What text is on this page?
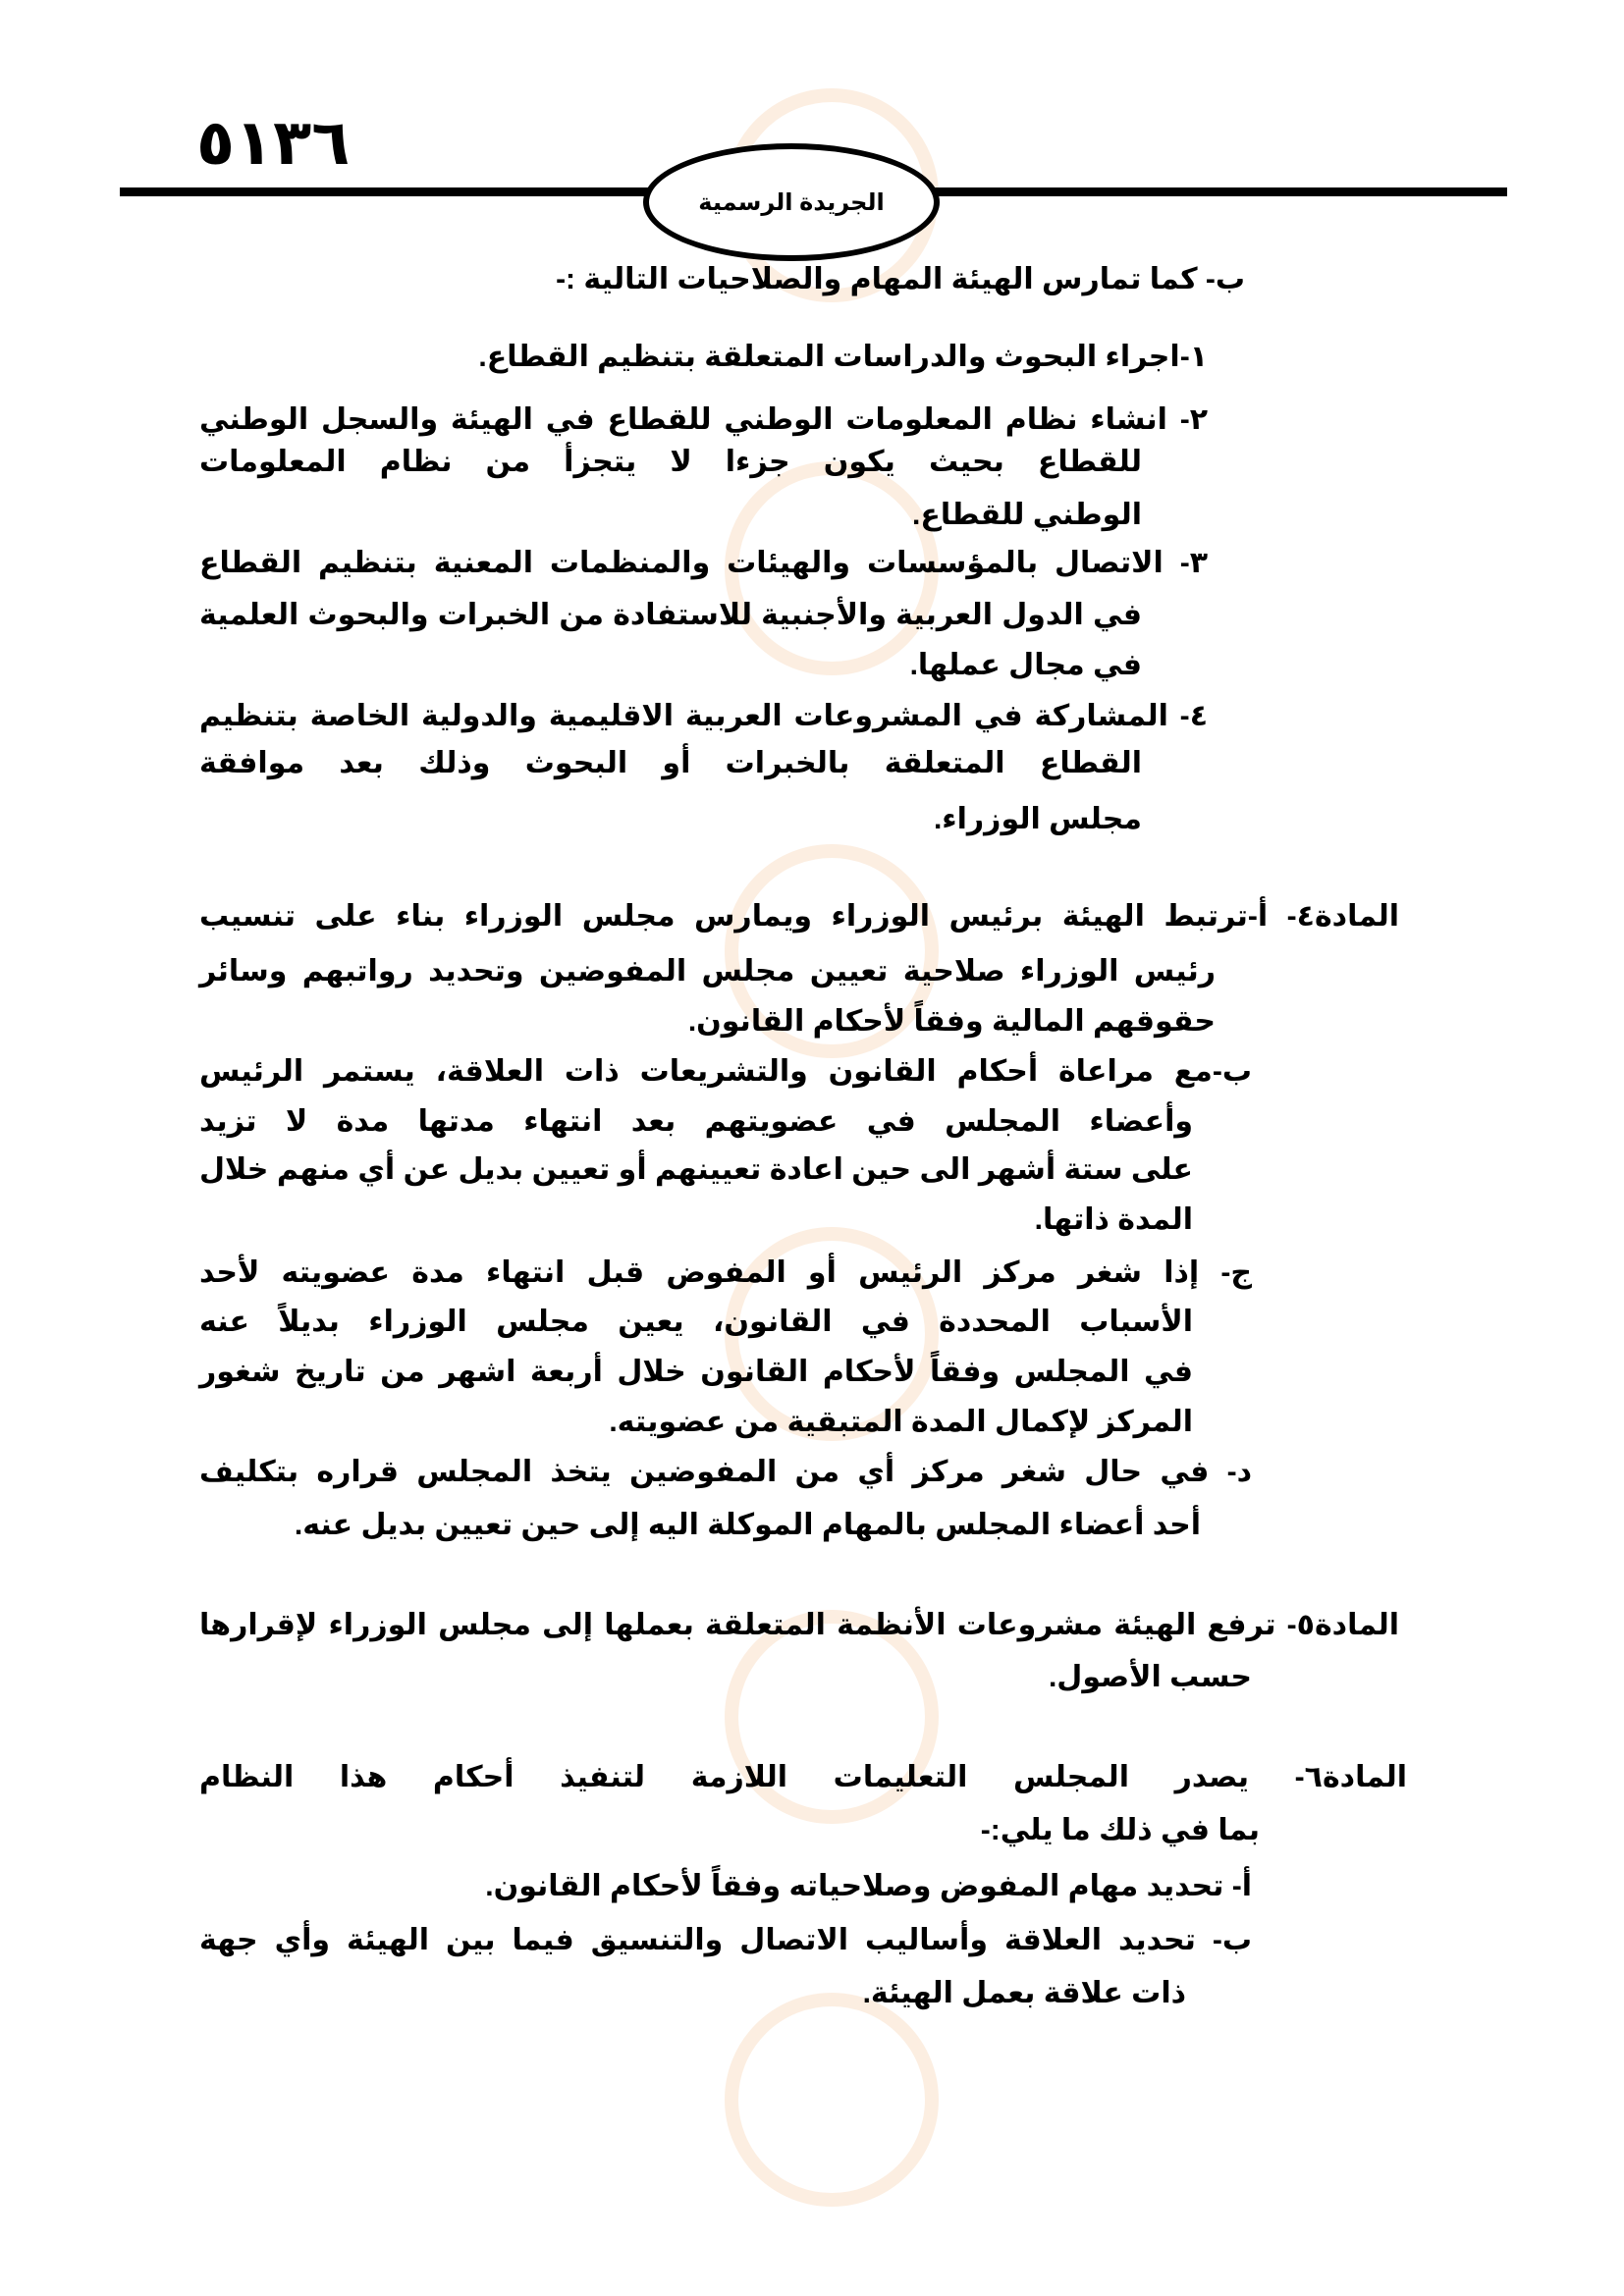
٥١٣٦
الجريدة الرسمية
ب- كما تمارس الهيئة المهام والصلاحيات التالية :-
١-اجراء البحوث والدراسات المتعلقة بتنظيم القطاع.
٢- انشاء نظام المعلومات الوطني للقطاع في الهيئة والسجل الوطني
للقطاع بحيث يكون جزءا لا يتجزأ من نظام المعلومات
الوطني للقطاع.
٣- الاتصال بالمؤسسات والهيئات والمنظمات المعنية بتنظيم القطاع
في الدول العربية والأجنبية للاستفادة من الخبرات والبحوث العلمية
في مجال عملها.
٤- المشاركة في المشروعات العربية الاقليمية والدولية الخاصة بتنظيم
القطاع المتعلقة بالخبرات أو البحوث وذلك بعد موافقة
مجلس الوزراء.
المادة٤- أ-ترتبط الهيئة برئيس الوزراء ويمارس مجلس الوزراء بناء على تنسيب
رئيس الوزراء صلاحية تعيين مجلس المفوضين وتحديد رواتبهم وسائر
حقوقهم المالية وفقاً لأحكام القانون.
ب-مع مراعاة أحكام القانون والتشريعات ذات العلاقة، يستمر الرئيس
وأعضاء المجلس في عضويتهم بعد انتهاء مدتها مدة لا تزيد
على ستة أشهر الى حين اعادة تعيينهم أو تعيين بديل عن أي منهم خلال
المدة ذاتها.
ج- إذا شغر مركز الرئيس أو المفوض قبل انتهاء مدة عضويته لأحد
الأسباب المحددة في القانون، يعين مجلس الوزراء بديلاً عنه
في المجلس وفقاً لأحكام القانون خلال أربعة اشهر من تاريخ شغور
المركز لإكمال المدة المتبقية من عضويته.
د- في حال شغر مركز أي من المفوضين يتخذ المجلس قراره بتكليف
أحد أعضاء المجلس بالمهام الموكلة اليه إلى حين تعيين بديل عنه.
المادة٥- ترفع الهيئة مشروعات الأنظمة المتعلقة بعملها إلى مجلس الوزراء لإقرارها
حسب الأصول.
المادة٦- يصدر المجلس التعليمات اللازمة لتنفيذ أحكام هذا النظام
بما في ذلك ما يلي:-
أ- تحديد مهام المفوض وصلاحياته وفقاً لأحكام القانون.
ب- تحديد العلاقة وأساليب الاتصال والتنسيق فيما بين الهيئة وأي جهة
ذات علاقة بعمل الهيئة.
